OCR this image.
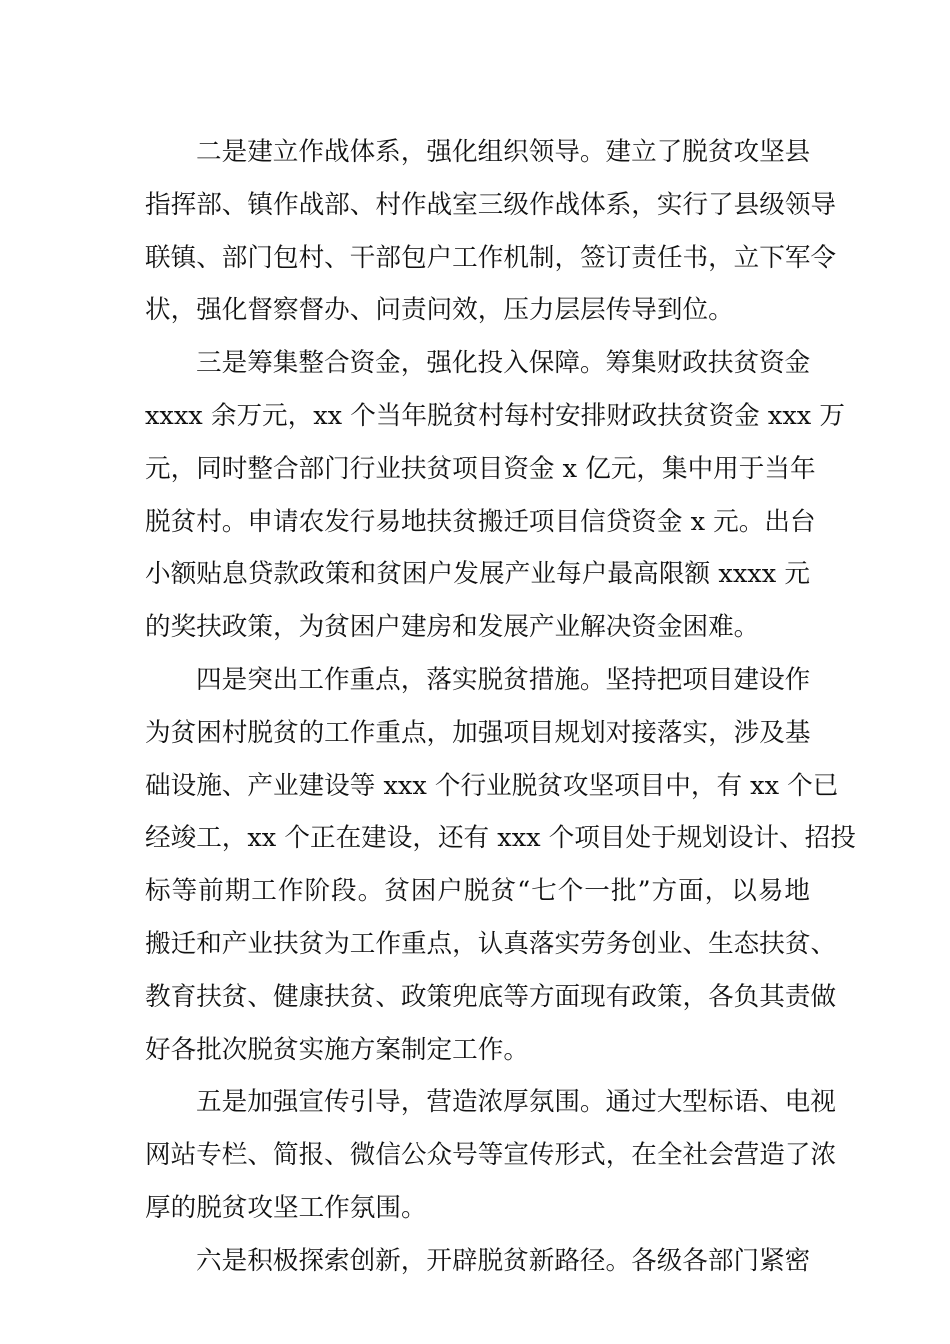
二是建立作战体系，强化组织领导。建立了脱贫攻坚县
指挥部、镇作战部、村作战室三级作战体系，实行了县级领导
联镇、部门包村、干部包户工作机制，签订责任书，立下军令
状，强化督察督办、问责问效，压力层层传导到位。
三是筹集整合资金，强化投入保障。筹集财政扶贫资金
xxxx 余万元，xx 个当年脱贫村每村安排财政扶贫资金 xxx 万
元，同时整合部门行业扶贫项目资金 x 亿元，集中用于当年
脱贫村。申请农发行易地扶贫搬迁项目信贷资金 x 元。出台
小额贴息贷款政策和贫困户发展产业每户最高限额 xxxx 元
的奖扶政策，为贫困户建房和发展产业解决资金困难。
四是突出工作重点，落实脱贫措施。坚持把项目建设作
为贫困村脱贫的工作重点，加强项目规划对接落实，涉及基
础设施、产业建设等 xxx 个行业脱贫攻坚项目中，有 xx 个已
经竣工，xx 个正在建设，还有 xxx 个项目处于规划设计、招投
标等前期工作阶段。贫困户脱贫“七个一批”方面，以易地
搬迁和产业扶贫为工作重点，认真落实劳务创业、生态扶贫、
教育扶贫、健康扶贫、政策兜底等方面现有政策，各负其责做
好各批次脱贫实施方案制定工作。
五是加强宣传引导，营造浓厚氛围。通过大型标语、电视
网站专栏、简报、微信公众号等宣传形式，在全社会营造了浓
厚的脱贫攻坚工作氛围。
六是积极探索创新，开辟脱贫新路径。各级各部门紧密
